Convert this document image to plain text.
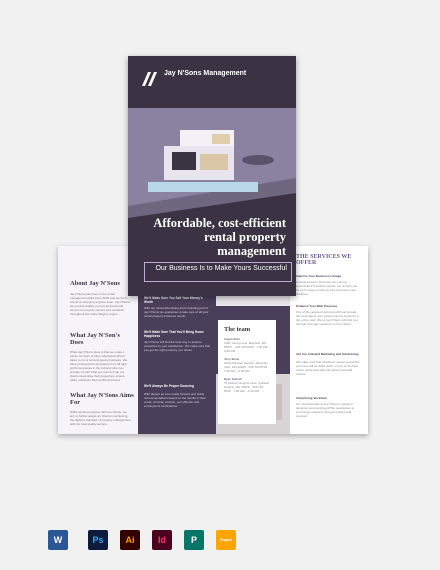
Jay N'Sons Management
Affordable, cost-efficient rental property management
Our Business Is to Make Yours Successful
About Jay N'Sons
Jay N'Sons has been in the rental management field since 2000 and we don't intend on stopping anytime soon. Jay N'Sons we provide quality, prompt and personal service to property owners and residents throughout the entire Waylon region.
What Jay N'Son's Does
What Jay N'Sons does is that we make it easier for them to fully understand what it takes to run a rental property business. We have professional consultants from all high profit companies in the industry who can provide us with what we need to help our clients streamline their properties, ensure utility, maximize their profits and more.
What Jay N'Sons Aims For
While working together with top clients, we aim to further assist our clients in achieving the highest standard of property management with the best quality service.
We'll Make Sure You Sell Your Money's Worth
With our rental advertising and marketing part of Jay N'Sons we guarantee to take care of all your rental property business needs.
We'll Make Sure That You'll Bring Home Happiness
Jay N'Sons will find the best way to acquire properties to your satisfaction. We make sure that you get the right property you desire.
We'll Always Be Proper Sourcing
With always an ever ready forward and ready recommendations based on the results of their credit, criminal, eviction, sex offender and employment verifications.
The team
Angel Hicks
1181 Young Lane, Mayfield, MN 55017 · 415-720-8709 · 7:30 AM – 2:30 PM
John Stone
2240 Arlington Avenue, Mountain View, MN 22405 · 415-720-8709 · 7:30 AM – 2:30 PM
Ryan Kenrich
75 Hickory Heights Lane, Fairfield Heights, OH 44628 · 415-720-8709 · 7:30 AM – 2:30 PM
THE SERVICES WE OFFER
Improve Your Business's Image
A rental property business can only be successful if it attracts people. Let us help you fix your image so that we can help boost your business.
Enhance Your Web Presence
One of the greatest tools that will help spread the news about your rental property business is the online web. We at Jay N'Sons will help you through thorough research on the market.
Aid You in Brand Marketing and Advertising
We make sure that whichever vacant properties you have will be listed down on any of the best online rental sites that can attract potential renters.
Advertising Via Email
Our professionals at Jay N'Sons is adept in designing and sending HTML newsletters to your target audience through a bulk email program.
W	Ps	Ai	Id	P	Pages
